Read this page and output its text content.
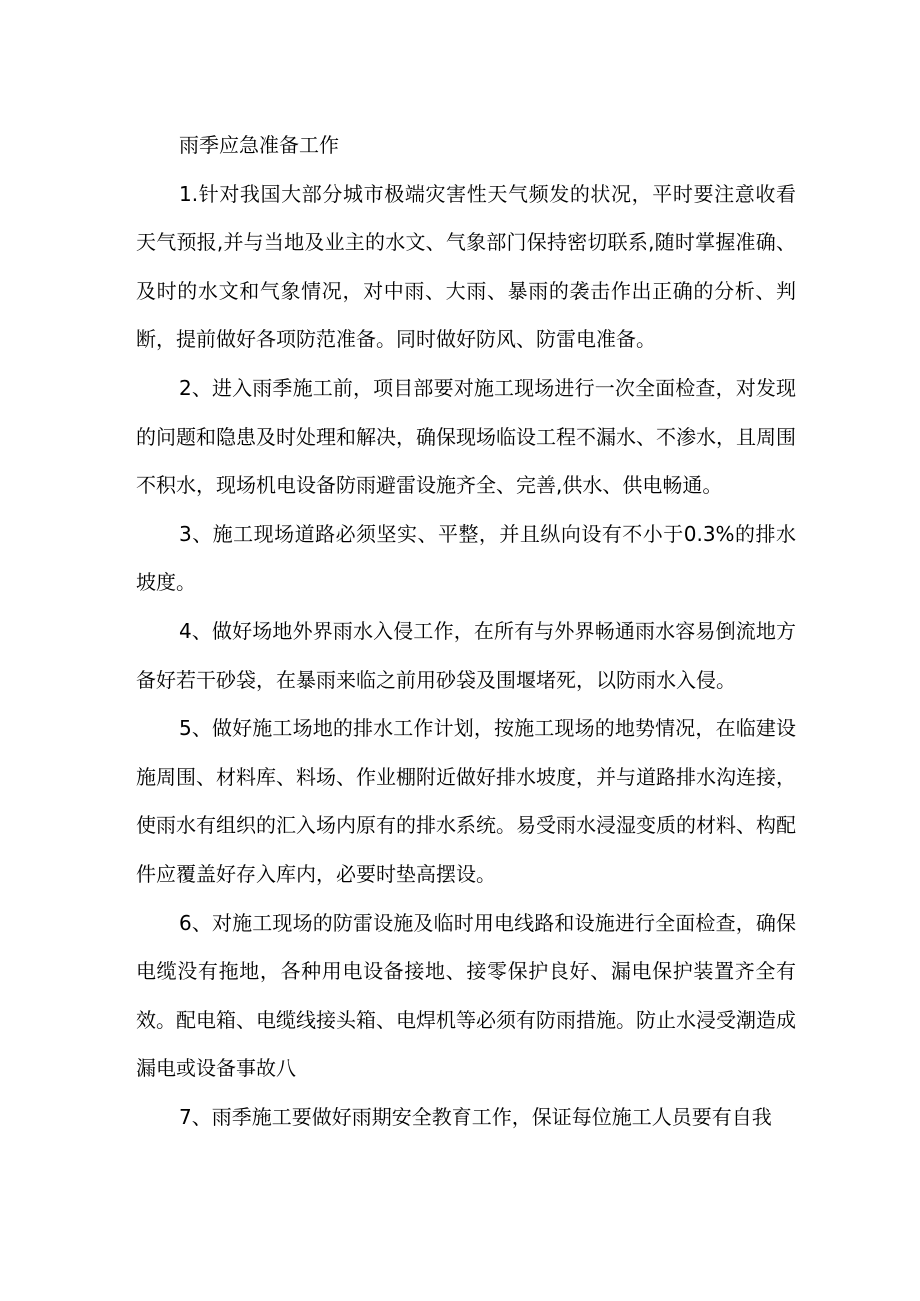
雨季应急准备工作

1.针对我国大部分城市极端灾害性天气频发的状况，平时要注意收看天气预报,并与当地及业主的水文、气象部门保持密切联系,随时掌握准确、及时的水文和气象情况，对中雨、大雨、暴雨的袭击作出正确的分析、判断，提前做好各项防范准备。同时做好防风、防雷电准备。

2、进入雨季施工前，项目部要对施工现场进行一次全面检查，对发现的问题和隐患及时处理和解决，确保现场临设工程不漏水、不渗水，且周围不积水，现场机电设备防雨避雷设施齐全、完善,供水、供电畅通。

3、施工现场道路必须坚实、平整，并且纵向设有不小于0.3%的排水坡度。

4、做好场地外界雨水入侵工作，在所有与外界畅通雨水容易倒流地方备好若干砂袋，在暴雨来临之前用砂袋及围堰堵死，以防雨水入侵。

5、做好施工场地的排水工作计划，按施工现场的地势情况，在临建设施周围、材料库、料场、作业棚附近做好排水坡度，并与道路排水沟连接，使雨水有组织的汇入场内原有的排水系统。易受雨水浸湿变质的材料、构配件应覆盖好存入库内，必要时垫高摆设。

6、对施工现场的防雷设施及临时用电线路和设施进行全面检查，确保电缆没有拖地，各种用电设备接地、接零保护良好、漏电保护装置齐全有效。配电箱、电缆线接头箱、电焊机等必须有防雨措施。防止水浸受潮造成漏电或设备事故八

7、雨季施工要做好雨期安全教育工作，保证每位施工人员要有自我
